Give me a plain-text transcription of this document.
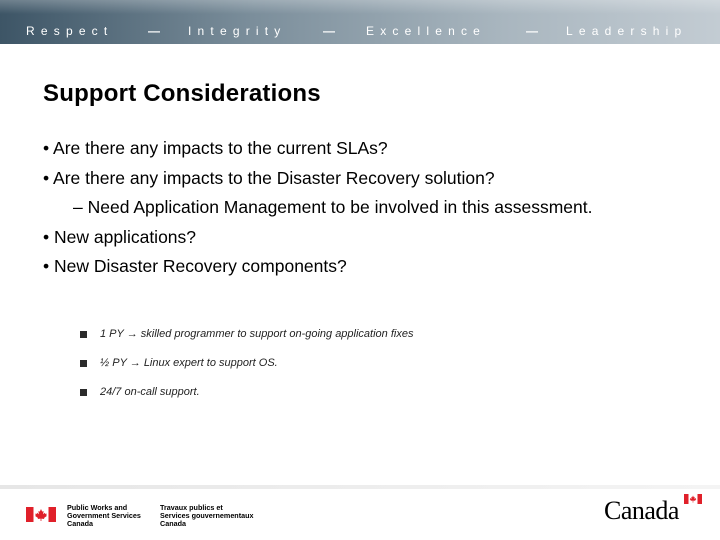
Respect	— Integrity	—	Excellence	— Leadership
Support Considerations
• Are there any impacts to the current SLAs?
• Are there any impacts to the Disaster Recovery solution?
– Need Application Management to be involved in this assessment.
• New applications?
• New Disaster Recovery components?
1 PY → skilled programmer to support on-going application fixes
½ PY → Linux expert to support OS.
24/7 on-call support.
Public Works and
Government Services
Canada
Travaux publics et
Services gouvernementaux
Canada	Canada
